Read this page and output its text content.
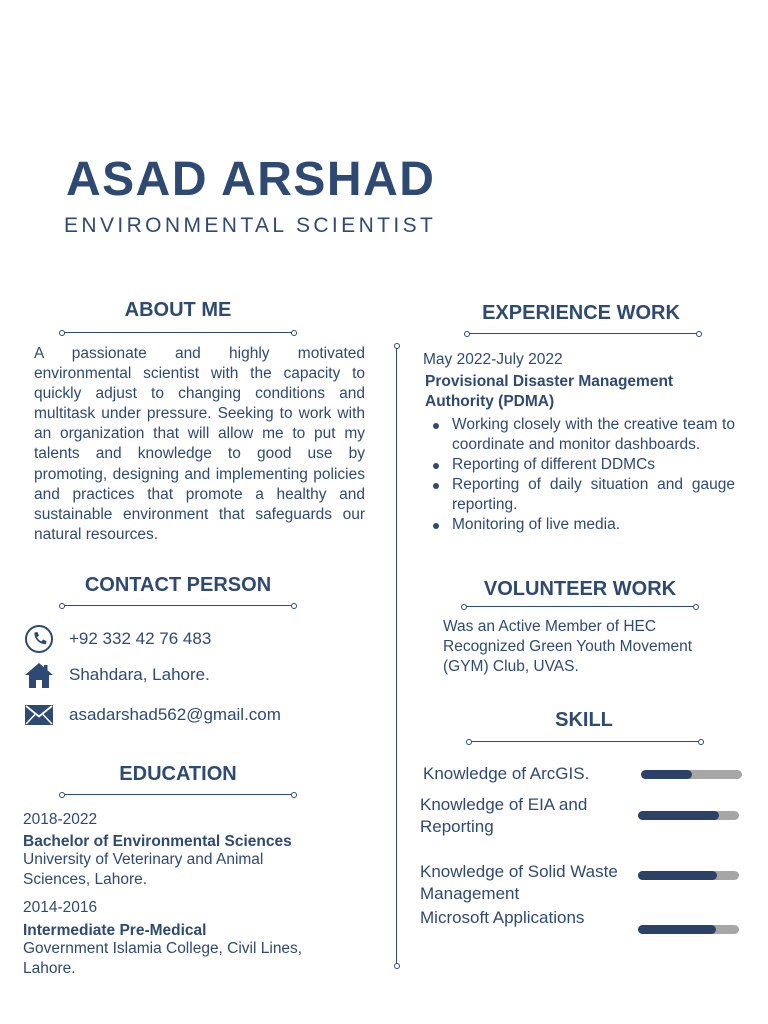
ASAD ARSHAD
ENVIRONMENTAL SCIENTIST
ABOUT ME
A passionate and highly motivated environmental scientist with the capacity to quickly adjust to changing conditions and multitask under pressure. Seeking to work with an organization that will allow me to put my talents and knowledge to good use by promoting, designing and implementing policies and practices that promote a healthy and sustainable environment that safeguards our natural resources.
CONTACT PERSON
+92 332 42 76 483
Shahdara, Lahore.
asadarshad562@gmail.com
EDUCATION
2018-2022
Bachelor of Environmental Sciences
University of Veterinary and Animal Sciences, Lahore.
2014-2016
Intermediate Pre-Medical
Government Islamia College, Civil Lines, Lahore.
EXPERIENCE WORK
May 2022-July 2022
Provisional Disaster Management Authority (PDMA)
Working closely with the creative team to coordinate and monitor dashboards.
Reporting of different DDMCs
Reporting of daily situation and gauge reporting.
Monitoring of live media.
VOLUNTEER WORK
Was an Active Member of HEC Recognized Green Youth Movement (GYM) Club, UVAS.
SKILL
Knowledge of ArcGIS.
Knowledge of EIA and Reporting
Knowledge of Solid Waste Management
Microsoft Applications
